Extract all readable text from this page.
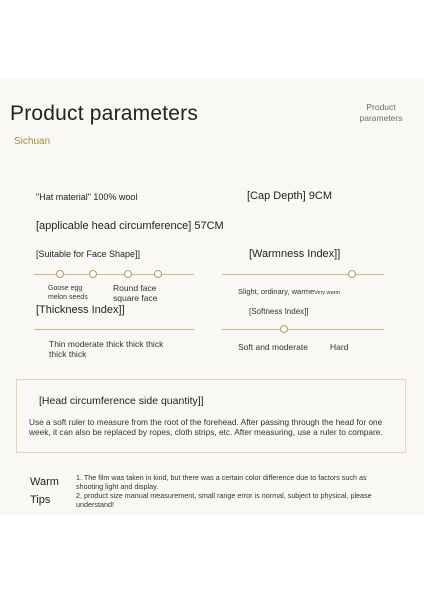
Product parameters
Sichuan
Product
parameters
"Hat material" 100% wool	[Cap Depth] 9CM
[applicable head circumference] 57CM
[Suitable for Face Shape]]
Goose egg
melon seeds
Round face
square face
[Warmness Index]]
Slight, ordinary, warmeVery warm
[Thickness Index]]
Thin moderate thick thick thick
thick thick
[Softness Index]]
Soft and moderate	Hard
[Head circumference side quantity]]
Use a soft ruler to measure from the root of the forehead. After passing through the head for one week, it can also be replaced by ropes, cloth strips, etc. After measuring, use a ruler to compare.
Warm
Tips
1. The film was taken in kind, but there was a certain color difference due to factors such as shooting light and display.
2, product size manual measurement, small range error is normal, subject to physical, please understand!
